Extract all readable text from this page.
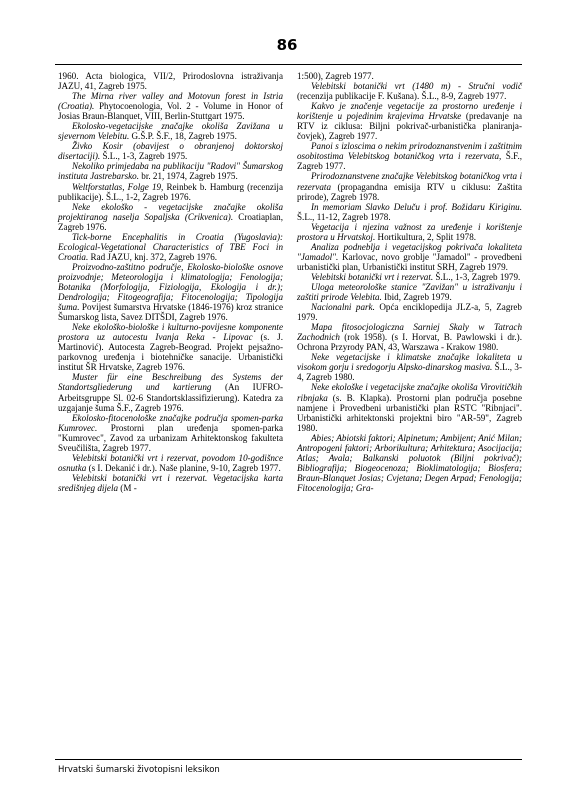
86

1960. Acta biologica, VII/2, Prirodoslovna istraživanja JAZU, 41, Zagreb 1975.

The Mirna river valley and Motovun forest in Istria (Croatia). Phytocoenologia, Vol. 2 - Volume in Honor of Josias Braun-Blanquet, VIII, Berlin-Stuttgart 1975.

Ekolosko-vegetacijske značajke okoliša Zavižana u sjevernom Velebitu. G.Š.P. Š.F., 18, Zagreb 1975.

Živko Kosir (obavijest o obranjenoj doktorskoj disertaciji). Š.L., 1-3, Zagreb 1975.

Nekoliko primjedaba na publikaciju "Radovi" Šumarskog instituta Jastrebarsko. br. 21, 1974, Zagreb 1975.

Weltforstatlas, Folge 19, Reinbek b. Hamburg (recenzija publikacije). Š.L., 1-2, Zagreb 1976.

Neke ekološko - vegetacijske značajke okoliša projektiranog naselja Sopaljska (Crikvenica). Croatiaplan, Zagreb 1976.

Tick-borne Encephalitis in Croatia (Yugoslavia): Ecological-Vegetational Characteristics of TBE Foci in Croatia. Rad JAZU, knj. 372, Zagreb 1976.

Proizvodno-zaštitno područje, Ekolosko-biološke osnove proizvodnje; Meteorologija i klimatologija; Fenologija; Botanika (Morfologija, Fiziologija, Ekologija i dr.); Dendrologija; Fitogeografija; Fitocenologija; Tipologija šuma. Povijest šumarstva Hrvatske (1846-1976) kroz stranice Šumarskog lista, Savez DITŠDI, Zagreb 1976.

Neke ekološko-biološke i kulturno-povijesne komponente prostora uz autocestu Ivanja Reka - Lipovac (s. J. Martinović). Autocesta Zagreb-Beograd. Projekt pejsažno-parkovnog uređenja i biotehničke sanacije. Urbanistički institut ŠR Hrvatske, Zagreb 1976.

Muster für eine Beschreibung des Systems der Standortsgliederung und kartierung (An IUFRO-Arbeitsgruppe Sl. 02-6 Standortsklassifizierung). Katedra za uzgajanje šuma Š.F., Zagreb 1976.

Ekolosko-fitocenološke značajke područja spomen-parka Kumrovec. Prostorni plan uređenja spomen-parka "Kumrovec", Zavod za urbanizam Arhitektonskog fakulteta Sveučilišta, Zagreb 1977.

Velebitski botanički vrt i rezervat, povodom 10-godišnce osnutka (s I. Dekanić i dr.). Naše planine, 9-10, Zagreb 1977.

Velebitski botanički vrt i rezervat. Vegetacijska karta središnjeg dijela (M -

1:500), Zagreb 1977.

Velebitski botanički vrt (1480 m) - Stručni vodič (recenzija publikacije F. Kušana). Š.L., 8-9, Zagreb 1977.

Kakvo je značenje vegetacije za prostorno uređenje i korištenje u pojedinim krajevima Hrvatske (predavanje na RTV iz ciklusa: Biljni pokrivač-urbanistička planiranja-čovjek), Zagreb 1977.

Panoi s izloscima o nekim prirodoznanstvenim i zaštitnim osobitostima Velebitskog botaničkog vrta i rezervata, Š.F., Zagreb 1977.

Prirodoznanstvene značajke Velebitskog botaničkog vrta i rezervata (propagandna emisija RTV u ciklusu: Zaštita prirode), Zagreb 1978.

In memoriam Slavko Deluču i prof. Božidaru Kiriginu. Š.L., 11-12, Zagreb 1978.

Vegetacija i njezina važnost za uređenje i korištenje prostora u Hrvatskoj. Hortikultura, 2, Split 1978.

Analiza podneblja i vegetacijskog pokrivača lokaliteta "Jamadol". Karlovac, novo groblje "Jamadol" - provedbeni urbanistički plan, Urbanistički institut SRH, Zagreb 1979.

Velebitski botanički vrt i rezervat. Š.L., 1-3, Zagreb 1979.

Uloga meteorološke stanice "Zavižan" u istraživanju i zaštiti prirode Velebita. Ibid, Zagreb 1979.

Nacionalni park. Opća enciklopedija JLZ-a, 5, Zagreb 1979.

Mapa fitosocjologiczna Sarniej Skaly w Tatrach Zachodnich (rok 1958). (s I. Horvat, B. Pawlowski i dr.). Ochrona Przyrody PAN, 43, Warszawa - Krakow 1980.

Neke vegetacijske i klimatske značajke lokaliteta u visokom gorju i sredogorju Alpsko-dinarskog masiva. Š.L., 3-4, Zagreb 1980.

Neke ekološke i vegetacijske značajke okoliša Virovitičkih ribnjaka (s. B. Klapka). Prostorni plan područja posebne namjene i Provedbeni urbanistički plan RSTC "Ribnjaci". Urbanistički arhitektonski projektni biro "AR-59", Zagreb 1980.

Abies; Abiotski faktori; Alpinetum; Ambijent; Anić Milan; Antropogeni faktori; Arborikultura; Arhitektura; Asocijacija; Atlas; Avala; Balkanski poluotok (Biljni pokrivač); Bibliografija; Biogeocenoza; Bioklimatologija; Biosfera; Braun-Blanquet Josias; Cvjetana; Degen Arpad; Fenologija; Fitocenologija; Gra-

Hrvatski šumarski životopisni leksikon
